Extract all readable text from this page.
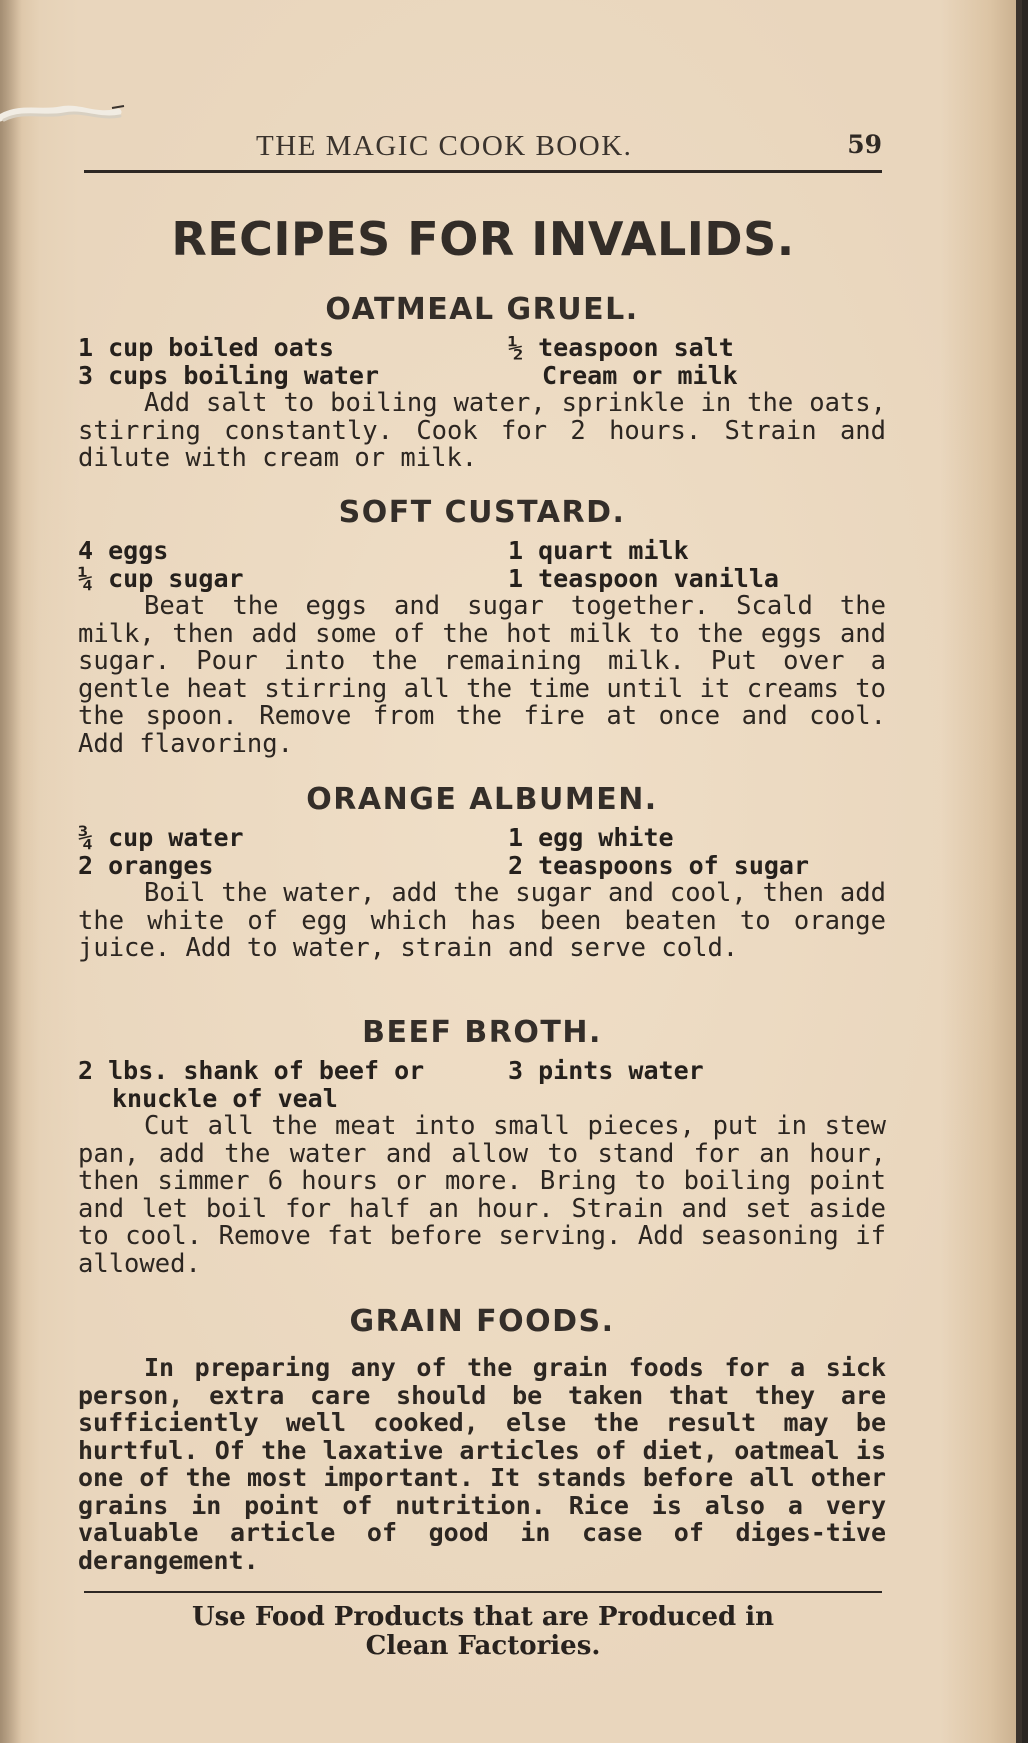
THE MAGIC COOK BOOK.	59
RECIPES FOR INVALIDS.
OATMEAL GRUEL.
1 cup boiled oats	½ teaspoon salt
3 cups boiling water	Cream or milk

Add salt to boiling water, sprinkle in the oats, stirring constantly. Cook for 2 hours. Strain and dilute with cream or milk.

SOFT CUSTARD.
4 eggs	1 quart milk
¼ cup sugar	1 teaspoon vanilla

Beat the eggs and sugar together. Scald the milk, then add some of the hot milk to the eggs and sugar. Pour into the remaining milk. Put over a gentle heat stirring all the time until it creams to the spoon. Remove from the fire at once and cool. Add flavoring.

ORANGE ALBUMEN.
¾ cup water	1 egg white
2 oranges	2 teaspoons of sugar

Boil the water, add the sugar and cool, then add the white of egg which has been beaten to orange juice. Add to water, strain and serve cold.

BEEF BROTH.
2 lbs. shank of beef or	3 pints water
knuckle of veal

Cut all the meat into small pieces, put in stew pan, add the water and allow to stand for an hour, then simmer 6 hours or more. Bring to boiling point and let boil for half an hour. Strain and set aside to cool. Remove fat before serving. Add seasoning if allowed.

GRAIN FOODS.

In preparing any of the grain foods for a sick person, extra care should be taken that they are sufficiently well cooked, else the result may be hurtful. Of the laxative articles of diet, oatmeal is one of the most important. It stands before all other grains in point of nutrition. Rice is also a very valuable article of good in case of diges-tive derangement.

Use Food Products that are Produced in
Clean Factories.
